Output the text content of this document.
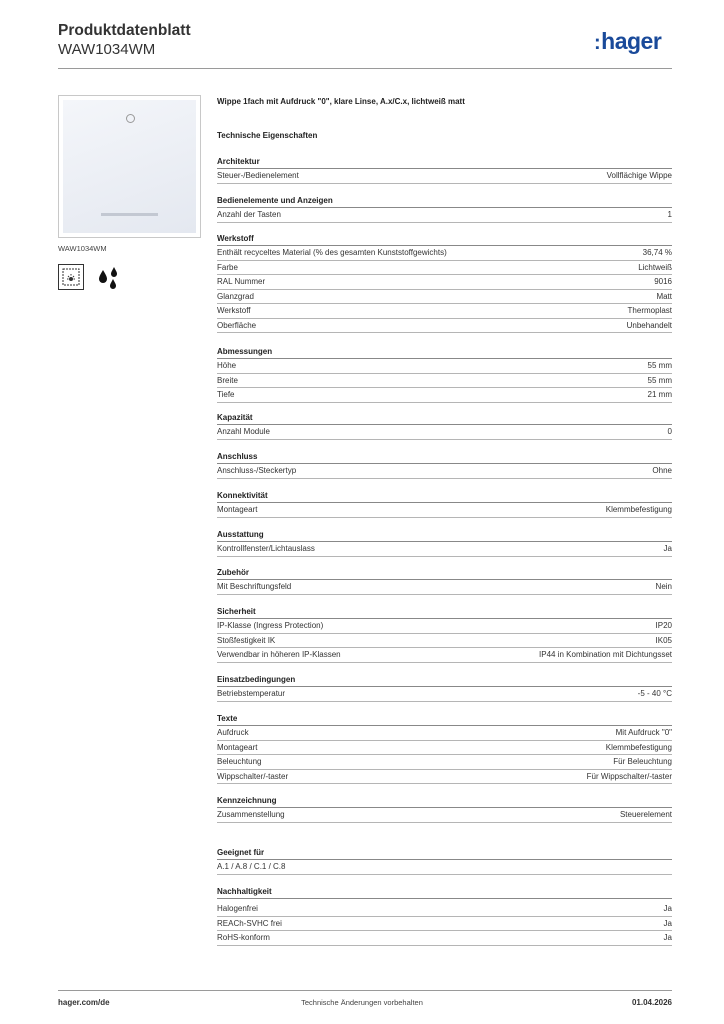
Produktdatenblatt
WAW1034WM	:hager
WAW1034WM
Wippe 1fach mit Aufdruck "0", klare Linse, A.x/C.x, lichtweiß matt
Technische Eigenschaften
Architektur
Steuer-/Bedienelement	Vollflächige Wippe
Bedienelemente und Anzeigen
Anzahl der Tasten	1
Werkstoff
Enthält recyceltes Material (% des gesamten Kunststoffgewichts)	36,74 %
Farbe	Lichtweiß
RAL Nummer	9016
Glanzgrad	Matt
Werkstoff	Thermoplast
Oberfläche	Unbehandelt
Abmessungen
Höhe	55 mm
Breite	55 mm
Tiefe	21 mm
Kapazität
Anzahl Module	0
Anschluss
Anschluss-/Steckertyp	Ohne
Konnektivität
Montageart	Klemmbefestigung
Ausstattung
Kontrollfenster/Lichtauslass	Ja
Zubehör
Mit Beschriftungsfeld	Nein
Sicherheit
IP-Klasse (Ingress Protection)	IP20
Stoßfestigkeit IK	IK05
Verwendbar in höheren IP-Klassen	IP44 in Kombination mit Dichtungsset
Einsatzbedingungen
Betriebstemperatur	-5 - 40 °C
Texte
Aufdruck	Mit Aufdruck "0"
Montageart	Klemmbefestigung
Beleuchtung	Für Beleuchtung
Wippschalter/-taster	Für Wippschalter/-taster
Kennzeichnung
Zusammenstellung	Steuerelement
Geeignet für
A.1 / A.8 / C.1 / C.8
Nachhaltigkeit
Halogenfrei	Ja
REACh-SVHC frei	Ja
RoHS-konform	Ja
hager.com/de	Technische Änderungen vorbehalten	01.04.2026
